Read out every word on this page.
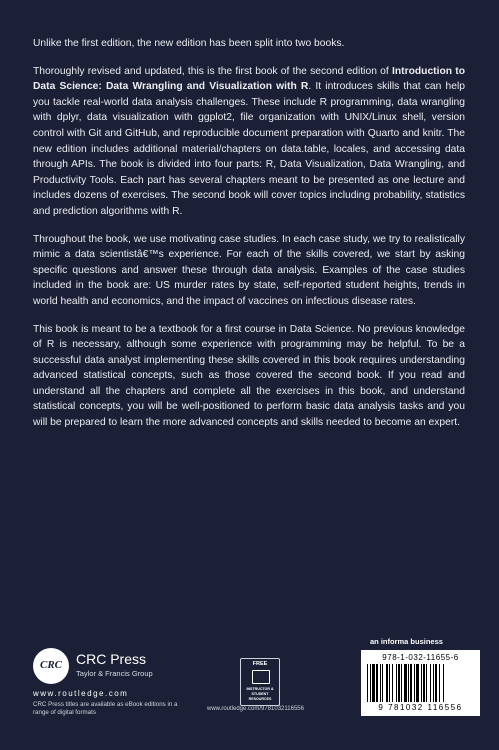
Unlike the first edition, the new edition has been split into two books.

Thoroughly revised and updated, this is the first book of the second edition of Introduction to Data Science: Data Wrangling and Visualization with R. It introduces skills that can help you tackle real-world data analysis challenges. These include R programming, data wrangling with dplyr, data visualization with ggplot2, file organization with UNIX/Linux shell, version control with Git and GitHub, and reproducible document preparation with Quarto and knitr. The new edition includes additional material/chapters on data.table, locales, and accessing data through APIs. The book is divided into four parts: R, Data Visualization, Data Wrangling, and Productivity Tools. Each part has several chapters meant to be presented as one lecture and includes dozens of exercises. The second book will cover topics including probability, statistics and prediction algorithms with R.

Throughout the book, we use motivating case studies. In each case study, we try to realistically mimic a data scientistâ€™s experience. For each of the skills covered, we start by asking specific questions and answer these through data analysis. Examples of the case studies included in the book are: US murder rates by state, self-reported student heights, trends in world health and economics, and the impact of vaccines on infectious disease rates.

This book is meant to be a textbook for a first course in Data Science. No previous knowledge of R is necessary, although some experience with programming may be helpful. To be a successful data analyst implementing these skills covered in this book requires understanding advanced statistical concepts, such as those covered the second book. If you read and understand all the chapters and complete all the exercises in this book, and understand statistical concepts, you will be well-positioned to perform basic data analysis tasks and you will be prepared to learn the more advanced concepts and skills needed to become an expert.

CRC	CRC Press
Taylor & Francis Group
www.routledge.com
CRC Press titles are available as eBook editions in a range of digital formats
FREE
INSTRUCTOR & STUDENT RESOURCES
www.routledge.com/9781032116556
an informa business
978-1-032-11655-6
9 781032 116556
